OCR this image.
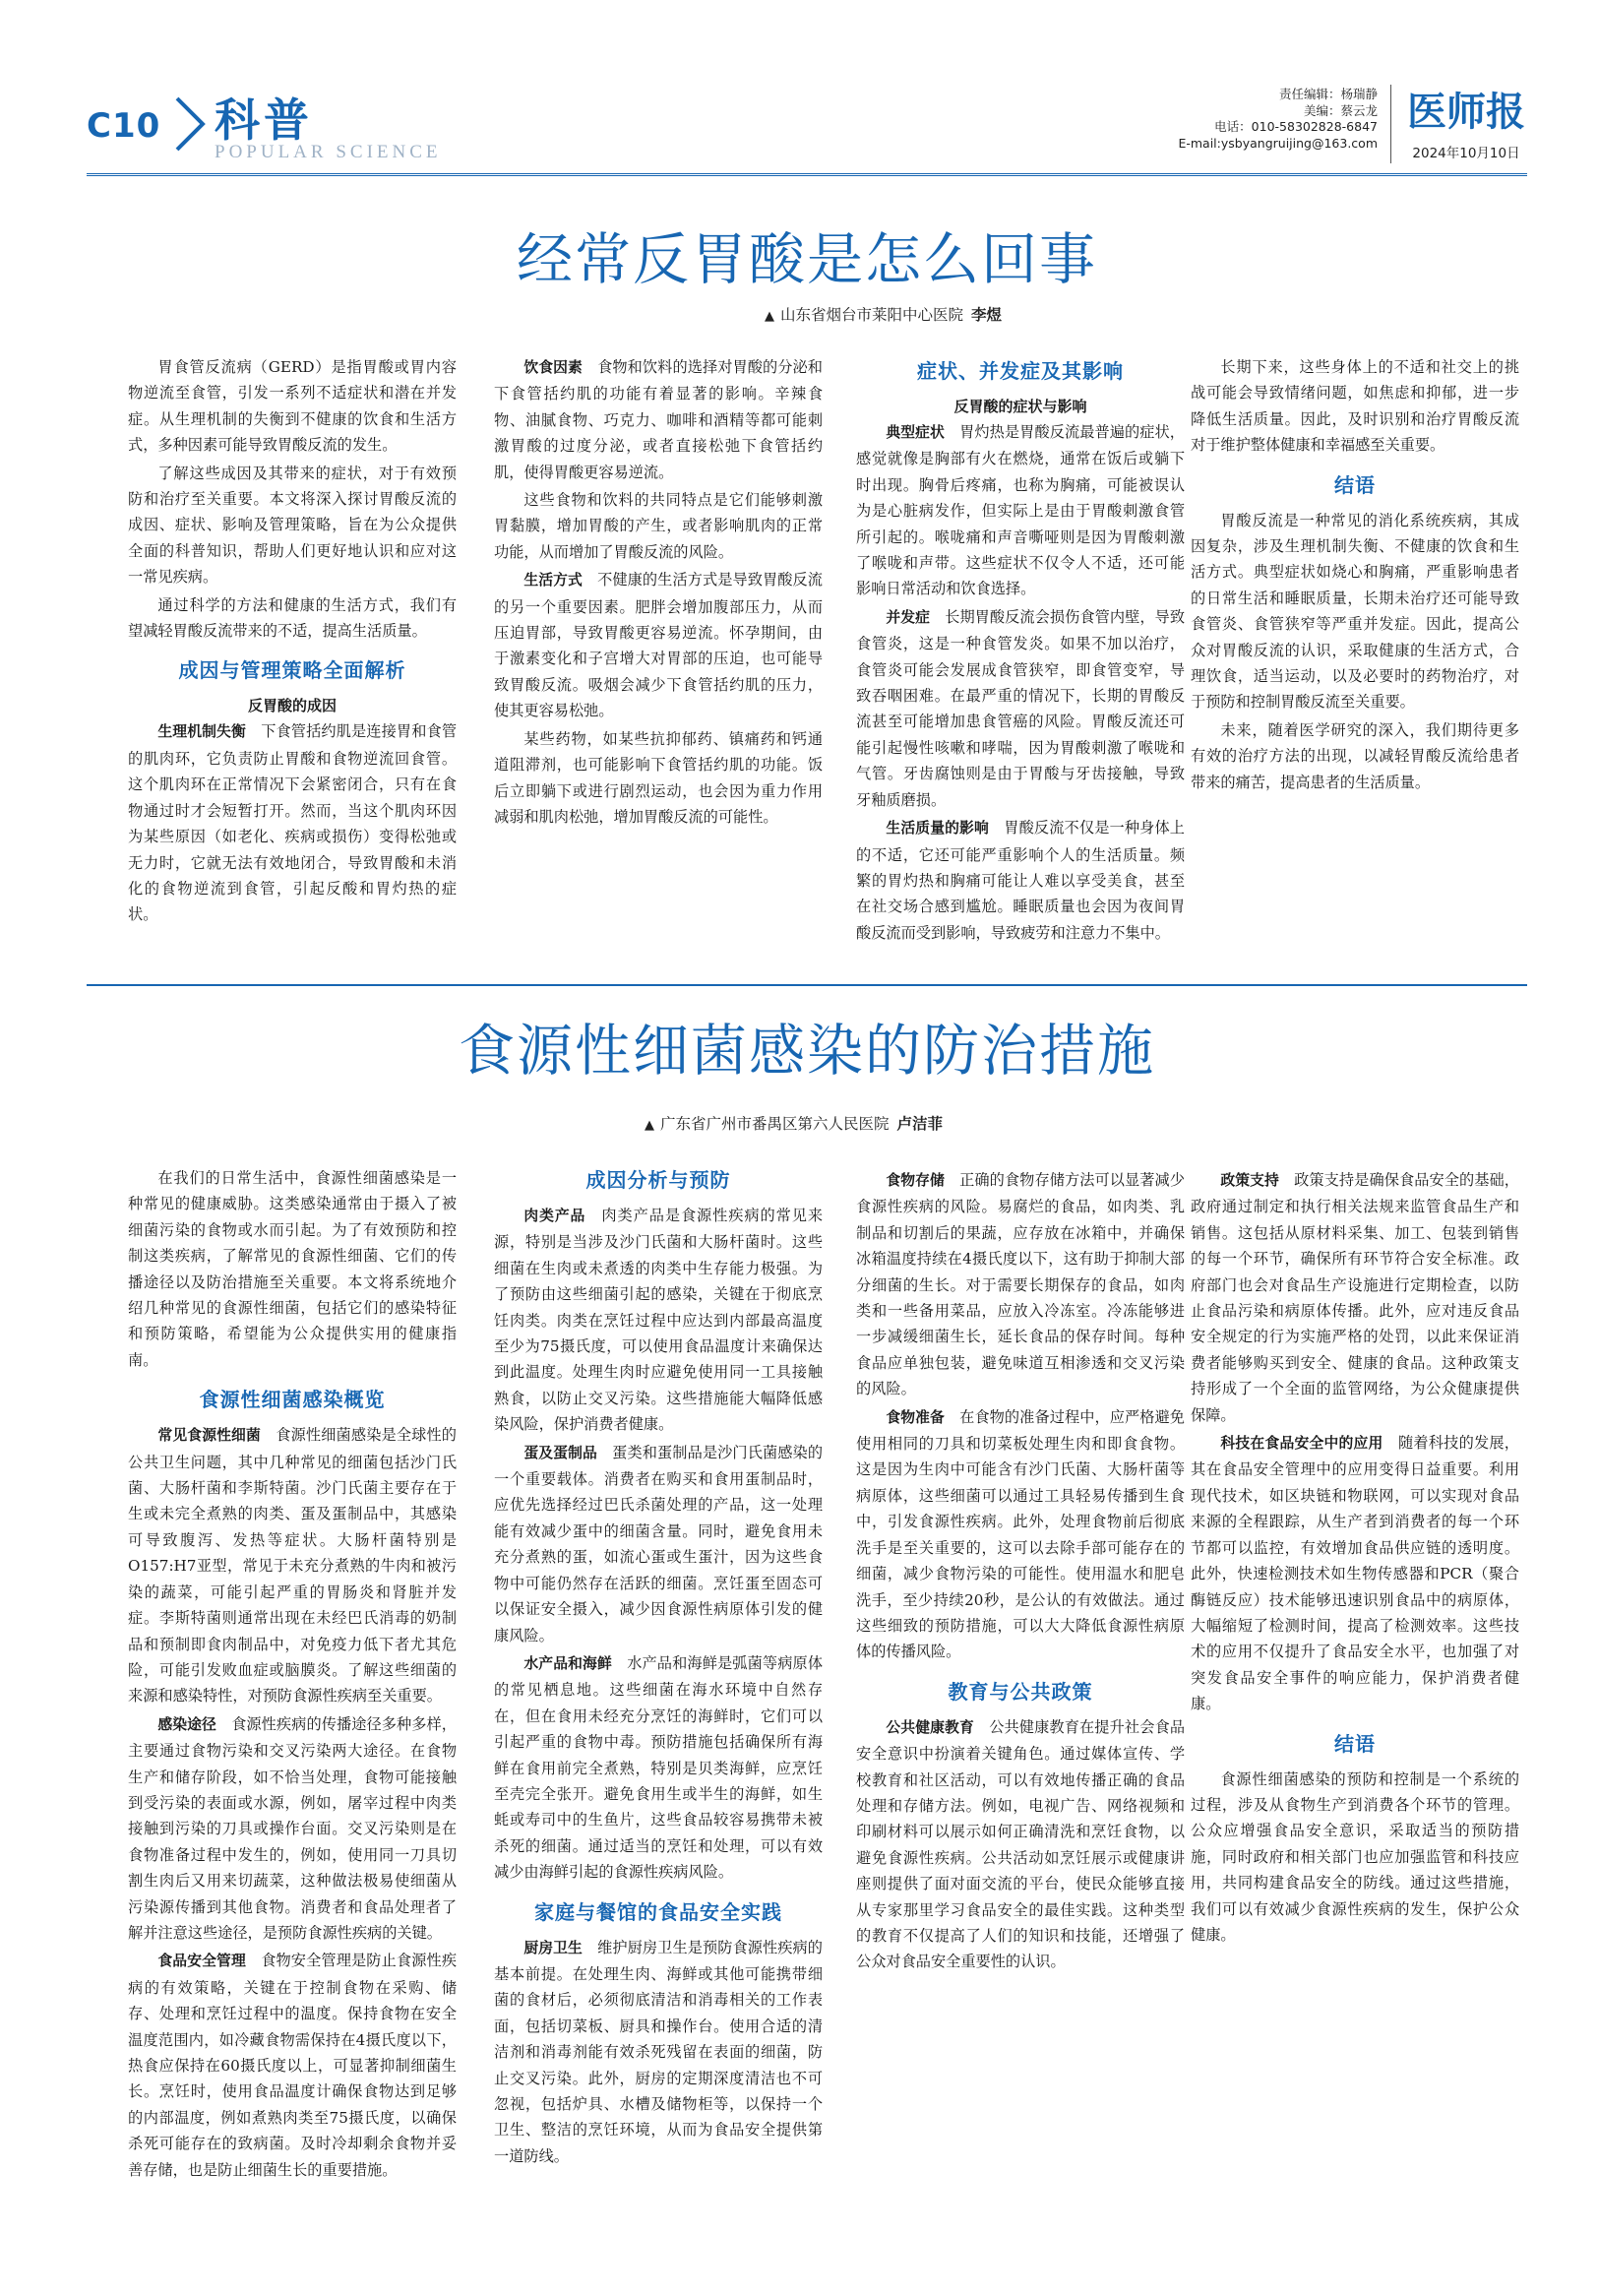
C10 科普
POPULAR SCIENCE
责任编辑：杨瑞静
美编：蔡云龙
电话：010-58302828-6847
E-mail:ysbyangruijing@163.com
医师报
2024年10月10日
经常反胃酸是怎么回事
▲ 山东省烟台市莱阳中心医院 李煜

胃食管反流病（GERD）是指胃酸或胃内容物逆流至食管，引发一系列不适症状和潜在并发症。从生理机制的失衡到不健康的饮食和生活方式，多种因素可能导致胃酸反流的发生。

了解这些成因及其带来的症状，对于有效预防和治疗至关重要。本文将深入探讨胃酸反流的成因、症状、影响及管理策略，旨在为公众提供全面的科普知识，帮助人们更好地认识和应对这一常见疾病。

通过科学的方法和健康的生活方式，我们有望减轻胃酸反流带来的不适，提高生活质量。

成因与管理策略全面解析
反胃酸的成因

生理机制失衡　 下食管括约肌是连接胃和食管的肌肉环，它负责防止胃酸和食物逆流回食管。这个肌肉环在正常情况下会紧密闭合，只有在食物通过时才会短暂打开。然而，当这个肌肉环因为某些原因（如老化、疾病或损伤）变得松弛或无力时，它就无法有效地闭合，导致胃酸和未消化的食物逆流到食管，引起反酸和胃灼热的症状。

饮食因素　 食物和饮料的选择对胃酸的分泌和下食管括约肌的功能有着显著的影响。辛辣食物、油腻食物、巧克力、咖啡和酒精等都可能刺激胃酸的过度分泌，或者直接松弛下食管括约肌，使得胃酸更容易逆流。

这些食物和饮料的共同特点是它们能够刺激胃黏膜，增加胃酸的产生，或者影响肌肉的正常功能，从而增加了胃酸反流的风险。

生活方式　 不健康的生活方式是导致胃酸反流的另一个重要因素。肥胖会增加腹部压力，从而压迫胃部，导致胃酸更容易逆流。怀孕期间，由于激素变化和子宫增大对胃部的压迫，也可能导致胃酸反流。吸烟会减少下食管括约肌的压力，使其更容易松弛。

某些药物，如某些抗抑郁药、镇痛药和钙通道阻滞剂，也可能影响下食管括约肌的功能。饭后立即躺下或进行剧烈运动，也会因为重力作用减弱和肌肉松弛，增加胃酸反流的可能性。

症状、并发症及其影响
反胃酸的症状与影响

典型症状　 胃灼热是胃酸反流最普遍的症状，感觉就像是胸部有火在燃烧，通常在饭后或躺下时出现。胸骨后疼痛，也称为胸痛，可能被误认为是心脏病发作，但实际上是由于胃酸刺激食管所引起的。喉咙痛和声音嘶哑则是因为胃酸刺激了喉咙和声带。这些症状不仅令人不适，还可能影响日常活动和饮食选择。

并发症　 长期胃酸反流会损伤食管内壁，导致食管炎，这是一种食管发炎。如果不加以治疗，食管炎可能会发展成食管狭窄，即食管变窄，导致吞咽困难。在最严重的情况下，长期的胃酸反流甚至可能增加患食管癌的风险。胃酸反流还可能引起慢性咳嗽和哮喘，因为胃酸刺激了喉咙和气管。牙齿腐蚀则是由于胃酸与牙齿接触，导致牙釉质磨损。

生活质量的影响　 胃酸反流不仅是一种身体上的不适，它还可能严重影响个人的生活质量。频繁的胃灼热和胸痛可能让人难以享受美食，甚至在社交场合感到尴尬。睡眠质量也会因为夜间胃酸反流而受到影响，导致疲劳和注意力不集中。

长期下来，这些身体上的不适和社交上的挑战可能会导致情绪问题，如焦虑和抑郁，进一步降低生活质量。因此，及时识别和治疗胃酸反流对于维护整体健康和幸福感至关重要。

结语

胃酸反流是一种常见的消化系统疾病，其成因复杂，涉及生理机制失衡、不健康的饮食和生活方式。典型症状如烧心和胸痛，严重影响患者的日常生活和睡眠质量，长期未治疗还可能导致食管炎、食管狭窄等严重并发症。因此，提高公众对胃酸反流的认识，采取健康的生活方式，合理饮食，适当运动，以及必要时的药物治疗，对于预防和控制胃酸反流至关重要。

未来，随着医学研究的深入，我们期待更多有效的治疗方法的出现，以减轻胃酸反流给患者带来的痛苦，提高患者的生活质量。

食源性细菌感染的防治措施
▲ 广东省广州市番禺区第六人民医院 卢洁菲

在我们的日常生活中，食源性细菌感染是一种常见的健康威胁。这类感染通常由于摄入了被细菌污染的食物或水而引起。为了有效预防和控制这类疾病，了解常见的食源性细菌、它们的传播途径以及防治措施至关重要。本文将系统地介绍几种常见的食源性细菌，包括它们的感染特征和预防策略，希望能为公众提供实用的健康指南。

食源性细菌感染概览

常见食源性细菌　 食源性细菌感染是全球性的公共卫生问题，其中几种常见的细菌包括沙门氏菌、大肠杆菌和李斯特菌。沙门氏菌主要存在于生或未完全煮熟的肉类、蛋及蛋制品中，其感染可导致腹泻、发热等症状。大肠杆菌特别是O157:H7亚型，常见于未充分煮熟的牛肉和被污染的蔬菜，可能引起严重的胃肠炎和肾脏并发症。李斯特菌则通常出现在未经巴氏消毒的奶制品和预制即食肉制品中，对免疫力低下者尤其危险，可能引发败血症或脑膜炎。了解这些细菌的来源和感染特性，对预防食源性疾病至关重要。

感染途径　 食源性疾病的传播途径多种多样，主要通过食物污染和交叉污染两大途径。在食物生产和储存阶段，如不恰当处理，食物可能接触到受污染的表面或水源，例如，屠宰过程中肉类接触到污染的刀具或操作台面。交叉污染则是在食物准备过程中发生的，例如，使用同一刀具切割生肉后又用来切蔬菜，这种做法极易使细菌从污染源传播到其他食物。消费者和食品处理者了解并注意这些途径，是预防食源性疾病的关键。

食品安全管理　 食物安全管理是防止食源性疾病的有效策略，关键在于控制食物在采购、储存、处理和烹饪过程中的温度。保持食物在安全温度范围内，如冷藏食物需保持在4摄氏度以下，热食应保持在60摄氏度以上，可显著抑制细菌生长。烹饪时，使用食品温度计确保食物达到足够的内部温度，例如煮熟肉类至75摄氏度，以确保杀死可能存在的致病菌。及时冷却剩余食物并妥善存储，也是防止细菌生长的重要措施。

成因分析与预防

肉类产品　 肉类产品是食源性疾病的常见来源，特别是当涉及沙门氏菌和大肠杆菌时。这些细菌在生肉或未煮透的肉类中生存能力极强。为了预防由这些细菌引起的感染，关键在于彻底烹饪肉类。肉类在烹饪过程中应达到内部最高温度至少为75摄氏度，可以使用食品温度计来确保达到此温度。处理生肉时应避免使用同一工具接触熟食，以防止交叉污染。这些措施能大幅降低感染风险，保护消费者健康。

蛋及蛋制品　 蛋类和蛋制品是沙门氏菌感染的一个重要载体。消费者在购买和食用蛋制品时，应优先选择经过巴氏杀菌处理的产品，这一处理能有效减少蛋中的细菌含量。同时，避免食用未充分煮熟的蛋，如流心蛋或生蛋汁，因为这些食物中可能仍然存在活跃的细菌。烹饪蛋至固态可以保证安全摄入，减少因食源性病原体引发的健康风险。

水产品和海鲜　 水产品和海鲜是弧菌等病原体的常见栖息地。这些细菌在海水环境中自然存在，但在食用未经充分烹饪的海鲜时，它们可以引起严重的食物中毒。预防措施包括确保所有海鲜在食用前完全煮熟，特别是贝类海鲜，应烹饪至壳完全张开。避免食用生或半生的海鲜，如生蚝或寿司中的生鱼片，这些食品较容易携带未被杀死的细菌。通过适当的烹饪和处理，可以有效减少由海鲜引起的食源性疾病风险。

家庭与餐馆的食品安全实践

厨房卫生　 维护厨房卫生是预防食源性疾病的基本前提。在处理生肉、海鲜或其他可能携带细菌的食材后，必须彻底清洁和消毒相关的工作表面，包括切菜板、厨具和操作台。使用合适的清洁剂和消毒剂能有效杀死残留在表面的细菌，防止交叉污染。此外，厨房的定期深度清洁也不可忽视，包括炉具、水槽及储物柜等，以保持一个卫生、整洁的烹饪环境，从而为食品安全提供第一道防线。

食物存储　 正确的食物存储方法可以显著减少食源性疾病的风险。易腐烂的食品，如肉类、乳制品和切割后的果蔬，应存放在冰箱中，并确保冰箱温度持续在4摄氏度以下，这有助于抑制大部分细菌的生长。对于需要长期保存的食品，如肉类和一些备用菜品，应放入冷冻室。冷冻能够进一步减缓细菌生长，延长食品的保存时间。每种食品应单独包装，避免味道互相渗透和交叉污染的风险。

食物准备　 在食物的准备过程中，应严格避免使用相同的刀具和切菜板处理生肉和即食食物。这是因为生肉中可能含有沙门氏菌、大肠杆菌等病原体，这些细菌可以通过工具轻易传播到生食中，引发食源性疾病。此外，处理食物前后彻底洗手是至关重要的，这可以去除手部可能存在的细菌，减少食物污染的可能性。使用温水和肥皂洗手，至少持续20秒，是公认的有效做法。通过这些细致的预防措施，可以大大降低食源性病原体的传播风险。

教育与公共政策

公共健康教育　 公共健康教育在提升社会食品安全意识中扮演着关键角色。通过媒体宣传、学校教育和社区活动，可以有效地传播正确的食品处理和存储方法。例如，电视广告、网络视频和印刷材料可以展示如何正确清洗和烹饪食物，以避免食源性疾病。公共活动如烹饪展示或健康讲座则提供了面对面交流的平台，使民众能够直接从专家那里学习食品安全的最佳实践。这种类型的教育不仅提高了人们的知识和技能，还增强了公众对食品安全重要性的认识。

政策支持　 政策支持是确保食品安全的基础，政府通过制定和执行相关法规来监管食品生产和销售。这包括从原材料采集、加工、包装到销售的每一个环节，确保所有环节符合安全标准。政府部门也会对食品生产设施进行定期检查，以防止食品污染和病原体传播。此外，应对违反食品安全规定的行为实施严格的处罚，以此来保证消费者能够购买到安全、健康的食品。这种政策支持形成了一个全面的监管网络，为公众健康提供保障。

科技在食品安全中的应用　 随着科技的发展，其在食品安全管理中的应用变得日益重要。利用现代技术，如区块链和物联网，可以实现对食品来源的全程跟踪，从生产者到消费者的每一个环节都可以监控，有效增加食品供应链的透明度。此外，快速检测技术如生物传感器和PCR（聚合酶链反应）技术能够迅速识别食品中的病原体，大幅缩短了检测时间，提高了检测效率。这些技术的应用不仅提升了食品安全水平，也加强了对突发食品安全事件的响应能力，保护消费者健康。

结语

食源性细菌感染的预防和控制是一个系统的过程，涉及从食物生产到消费各个环节的管理。公众应增强食品安全意识，采取适当的预防措施，同时政府和相关部门也应加强监管和科技应用，共同构建食品安全的防线。通过这些措施，我们可以有效减少食源性疾病的发生，保护公众健康。
